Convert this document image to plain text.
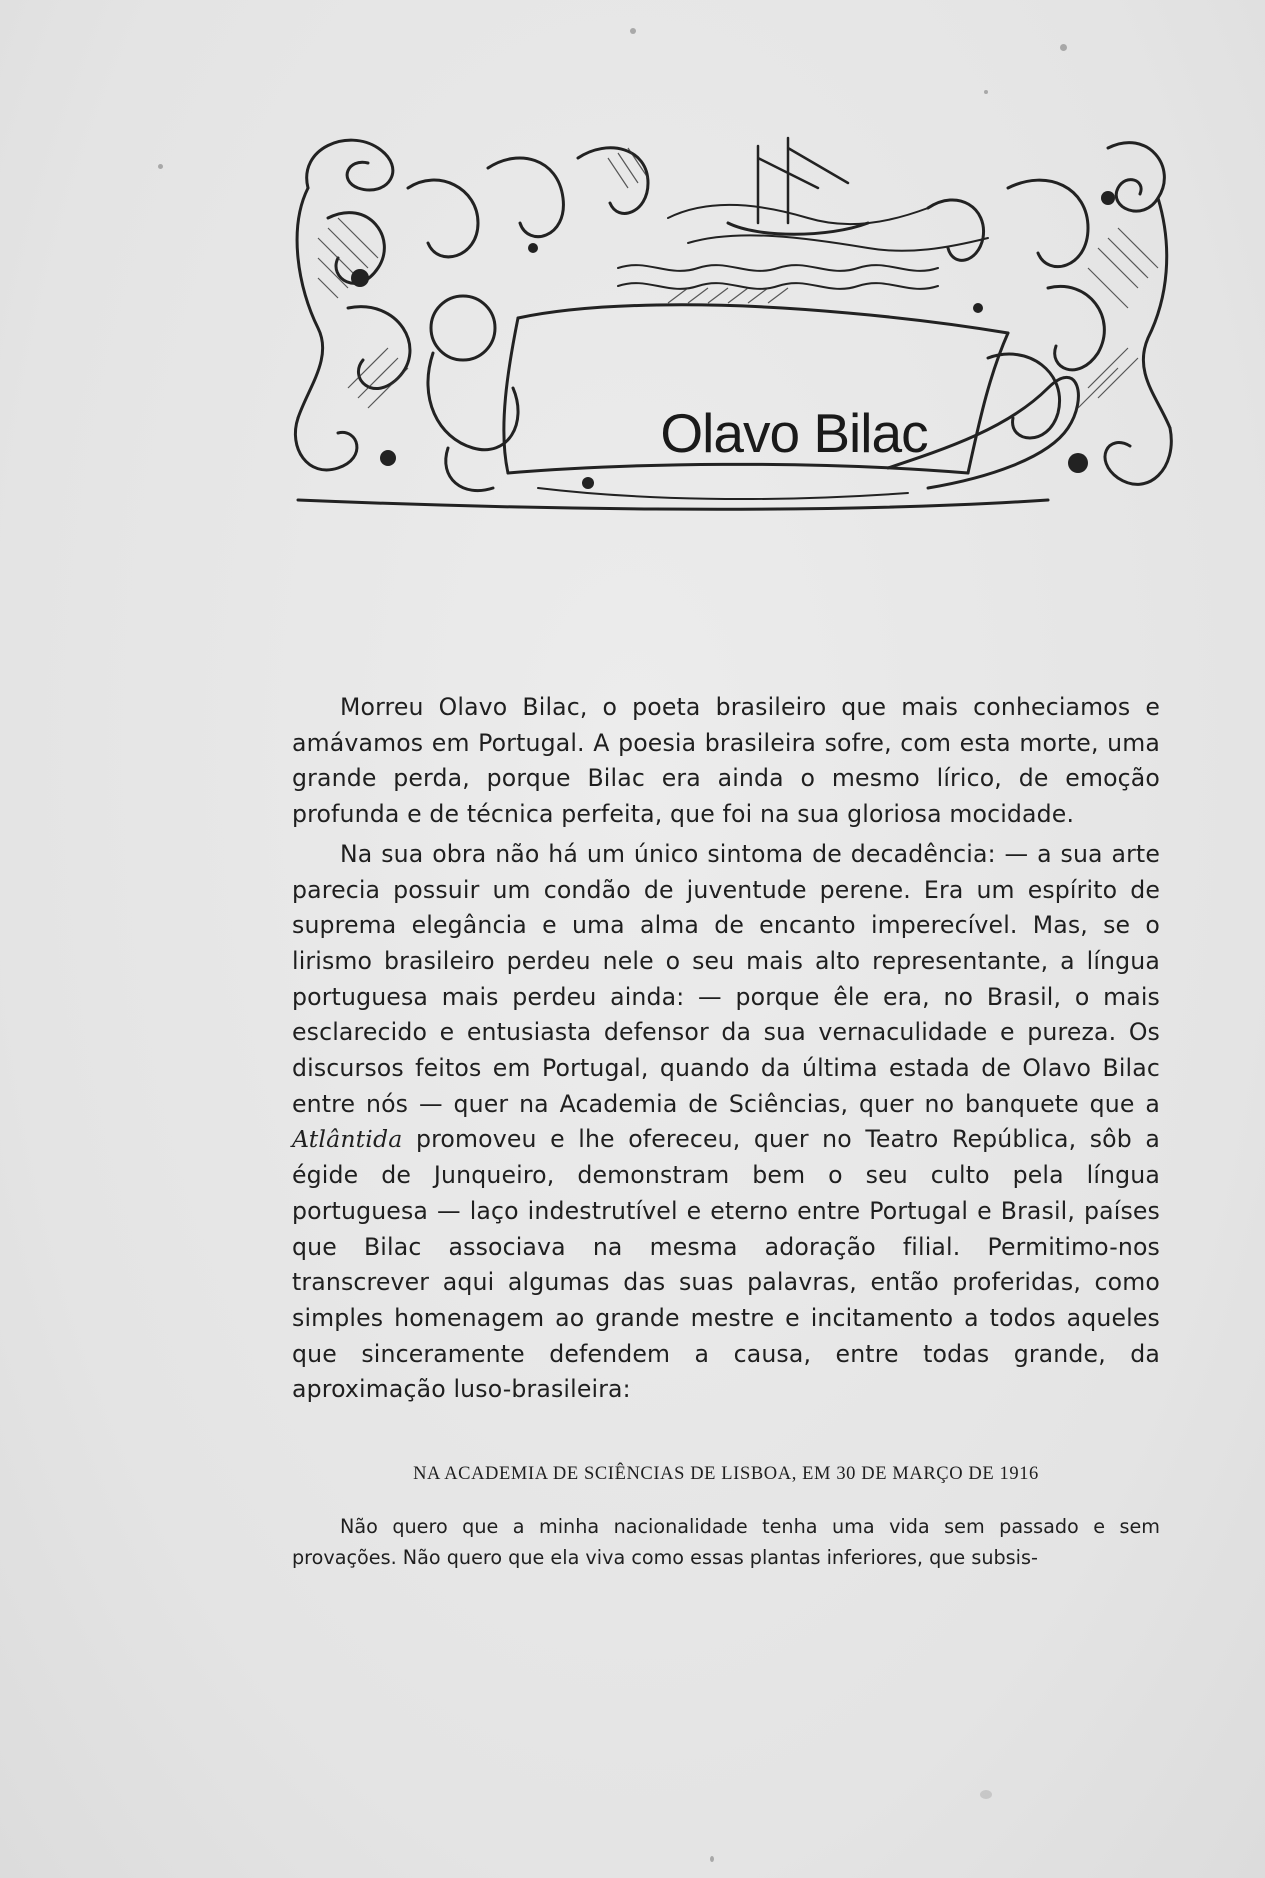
Olavo Bilac

Morreu Olavo Bilac, o poeta brasileiro que mais conheciamos e amávamos em Portugal. A poesia brasileira sofre, com esta morte, uma grande perda, porque Bilac era ainda o mesmo lírico, de emoção profunda e de técnica perfeita, que foi na sua gloriosa mocidade.

Na sua obra não há um único sintoma de decadência: — a sua arte parecia possuir um condão de juventude perene. Era um espírito de suprema elegância e uma alma de encanto imperecível. Mas, se o lirismo brasileiro perdeu nele o seu mais alto representante, a língua portuguesa mais perdeu ainda: — porque êle era, no Brasil, o mais esclarecido e entusiasta defensor da sua vernaculidade e pureza. Os discursos feitos em Portugal, quando da última estada de Olavo Bilac entre nós — quer na Academia de Sciências, quer no banquete que a Atlântida promoveu e lhe ofereceu, quer no Teatro República, sôb a égide de Junqueiro, demonstram bem o seu culto pela língua portuguesa — laço indestrutível e eterno entre Portugal e Brasil, países que Bilac associava na mesma adoração filial. Permitimo-nos transcrever aqui algumas das suas palavras, então proferidas, como simples homenagem ao grande mestre e incitamento a todos aqueles que sinceramente defendem a causa, entre todas grande, da aproximação luso-brasileira:

NA ACADEMIA DE SCIÊNCIAS DE LISBOA, EM 30 DE MARÇO DE 1916

Não quero que a minha nacionalidade tenha uma vida sem passado e sem provações. Não quero que ela viva como essas plantas inferiores, que subsis-
